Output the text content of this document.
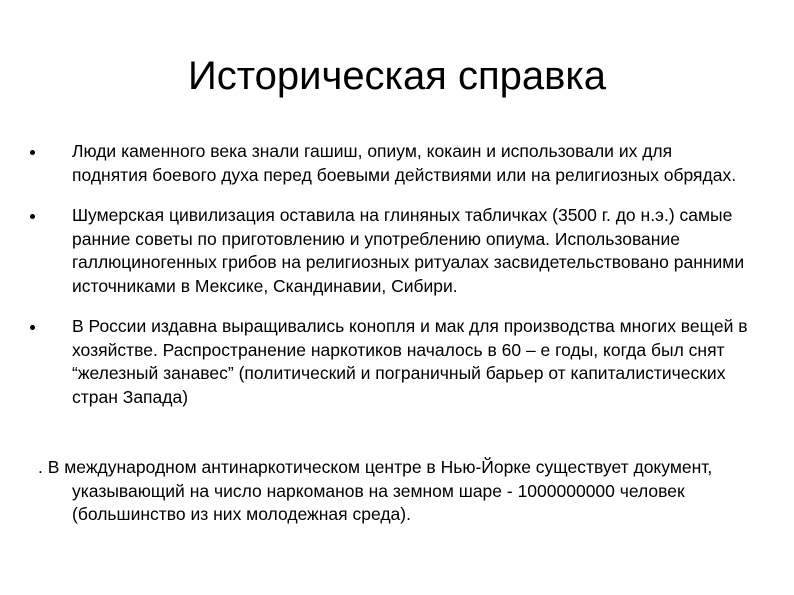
Историческая справка
Люди каменного века знали гашиш, опиум, кокаин и использовали их для поднятия боевого духа перед боевыми действиями или на религиозных обрядах.
Шумерская цивилизация оставила на глиняных табличках (3500 г. до н.э.) самые ранние советы по приготовлению и употреблению опиума. Использование галлюциногенных грибов на религиозных ритуалах засвидетельствовано ранними источниками в Мексике, Скандинавии, Сибири.
В России издавна выращивались конопля и мак для производства многих вещей в хозяйстве. Распространение наркотиков началось в 60 – е годы, когда был снят “железный занавес” (политический и пограничный барьер от капиталистических стран Запада)

. В международном антинаркотическом центре в Нью-Йорке существует документ, указывающий на число наркоманов на земном шаре - 1000000000 человек (большинство из них молодежная среда).
